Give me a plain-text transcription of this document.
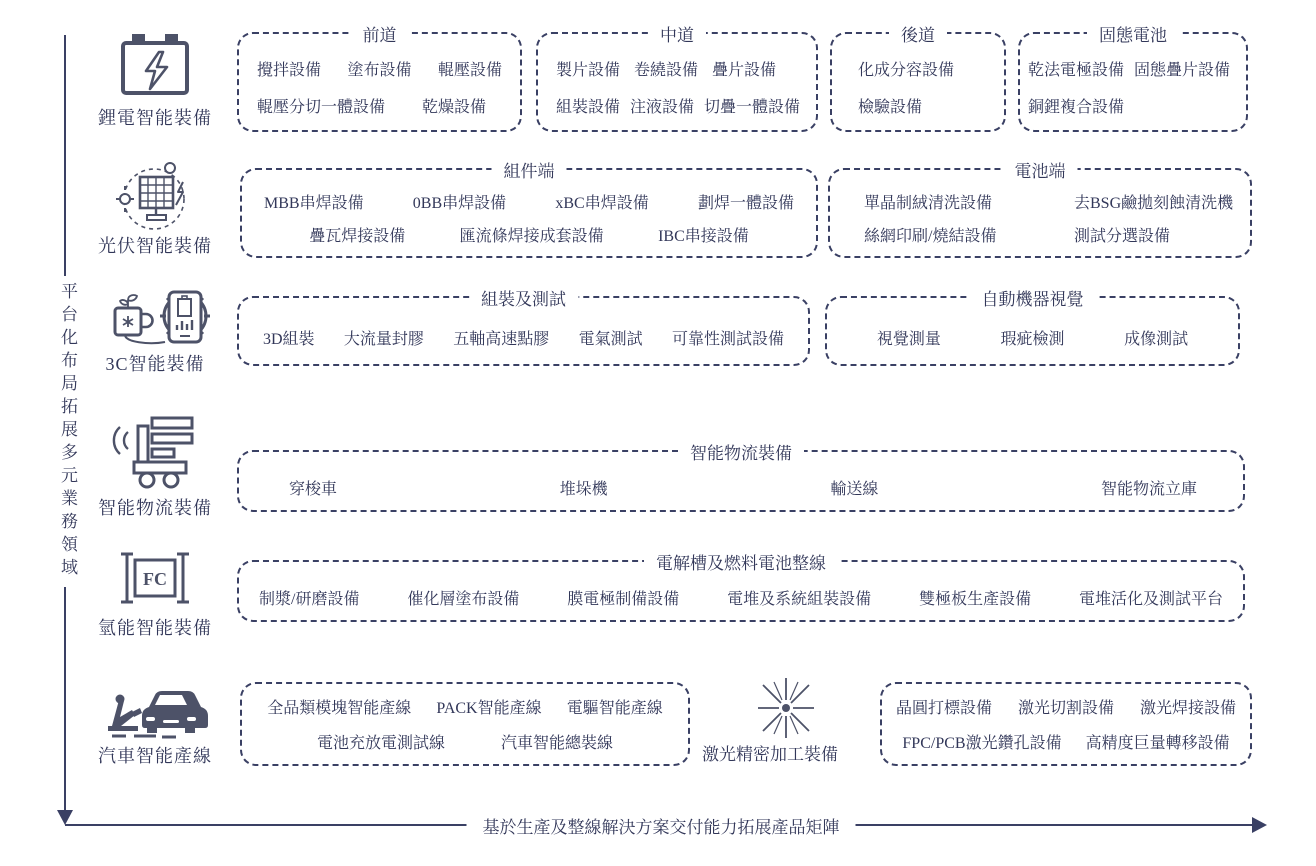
平台化布局拓展多元業務領域
基於生產及整線解決方案交付能力拓展產品矩陣
鋰電智能裝備
前道
攪拌設備 塗布設備 輥壓設備
輥壓分切一體設備 乾燥設備
中道
製片設備 卷繞設備 疊片設備
組裝設備 注液設備 切疊一體設備
後道
化成分容設備
檢驗設備
固態電池
乾法電極設備 固態疊片設備
銅鋰複合設備
光伏智能裝備
組件端
MBB串焊設備	0BB串焊設備	xBC串焊設備	劃焊一體設備
疊瓦焊接設備	匯流條焊接成套設備	IBC串接設備
電池端
單晶制絨清洗設備	去BSG鹼拋刻蝕清洗機
絲網印刷/燒結設備	測試分選設備
3C智能裝備
組裝及測試
3D組裝 大流量封膠 五軸高速點膠 電氣測試 可靠性測試設備
自動機器視覺
視覺測量	瑕疵檢測	成像測試
智能物流裝備
智能物流裝備
穿梭車	堆垛機	輸送線	智能物流立庫
FC
氫能智能裝備
電解槽及燃料電池整線
制漿/研磨設備	催化層塗布設備	膜電極制備設備	電堆及系統組裝設備	雙極板生產設備	電堆活化及測試平台
汽車智能產線
全品類模塊智能產線 PACK智能產線 電驅智能產線
電池充放電測試線	汽車智能總裝線
激光精密加工裝備
晶圓打標設備 激光切割設備 激光焊接設備
FPC/PCB激光鑽孔設備 高精度巨量轉移設備
